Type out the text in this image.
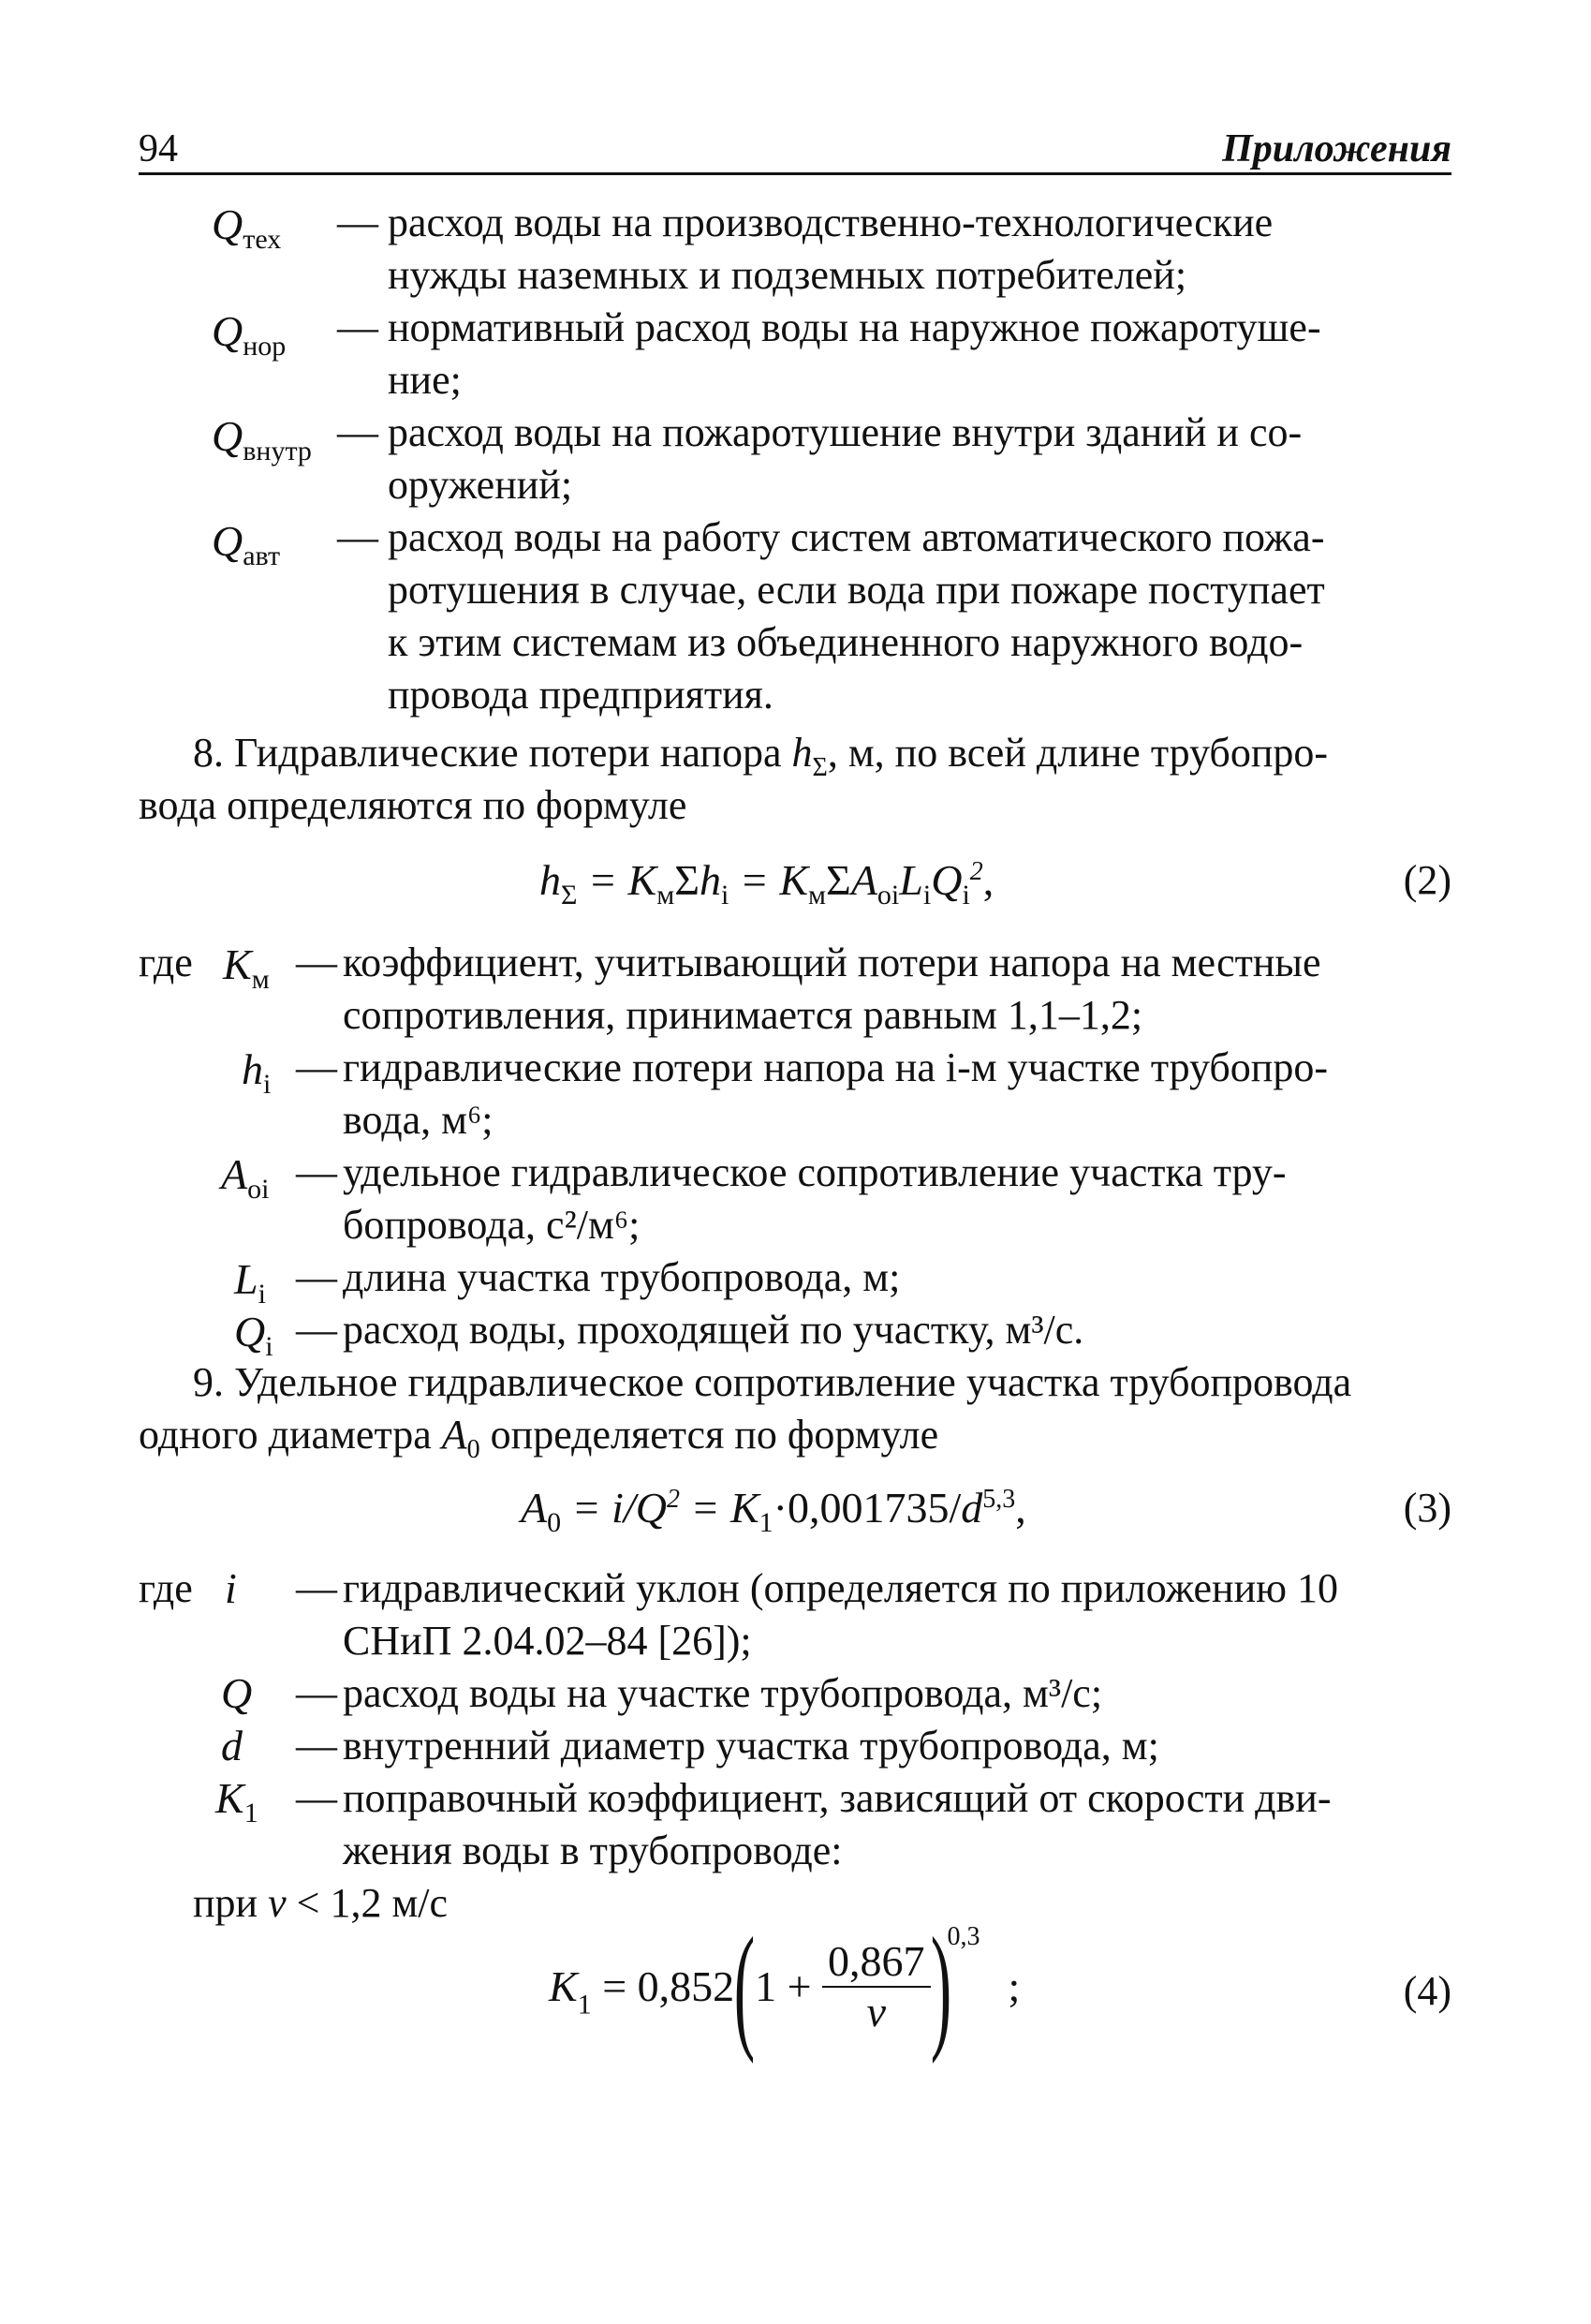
94	Приложения
$Q_{тех}$ — расход воды на производственно-технологические
нужды наземных и подземных потребителей;
$Q_{нор}$ — нормативный расход воды на наружное пожаротуше-
ние;
$Q_{внутр}$ — расход воды на пожаротушение внутри зданий и со-
оружений;
$Q_{авт}$ — расход воды на работу систем автоматического пожа-
ротушения в случае, если вода при пожаре поступает
к этим системам из объединенного наружного водо-
провода предприятия.
8. Гидравлические потери напора $h_\Sigma$, м, по всей длине трубопро-
вода определяются по формуле
$h_\Sigma = K_м\Sigma h_i = K_м\Sigma A_{oi}L_iQ_i^2$,	(2)
где $K_м$ — коэффициент, учитывающий потери напора на местные
сопротивления, принимается равным 1,1–1,2;
$h_i$ — гидравлические потери напора на i-м участке трубопро-
вода, м⁶;
$A_{oi}$ — удельное гидравлическое сопротивление участка тру-
бопровода, с²/м⁶;
$L_i$ — длина участка трубопровода, м;
$Q_i$ — расход воды, проходящей по участку, м³/с.
9. Удельное гидравлическое сопротивление участка трубопровода
одного диаметра $A_0$ определяется по формуле
$A_0 = i/Q^2 = K_1\cdot 0,001735/d^{5,3}$,	(3)
где i — гидравлический уклон (определяется по приложению 10
СНиП 2.04.02–84 [26]);
Q — расход воды на участке трубопровода, м³/с;
d — внутренний диаметр участка трубопровода, м;
$K_1$ — поправочный коэффициент, зависящий от скорости дви-
жения воды в трубопроводе:
при v < 1,2 м/с
$K_1 = 0,852(1 + \frac{0,867}{v} )^{0,3}$;	(4)
